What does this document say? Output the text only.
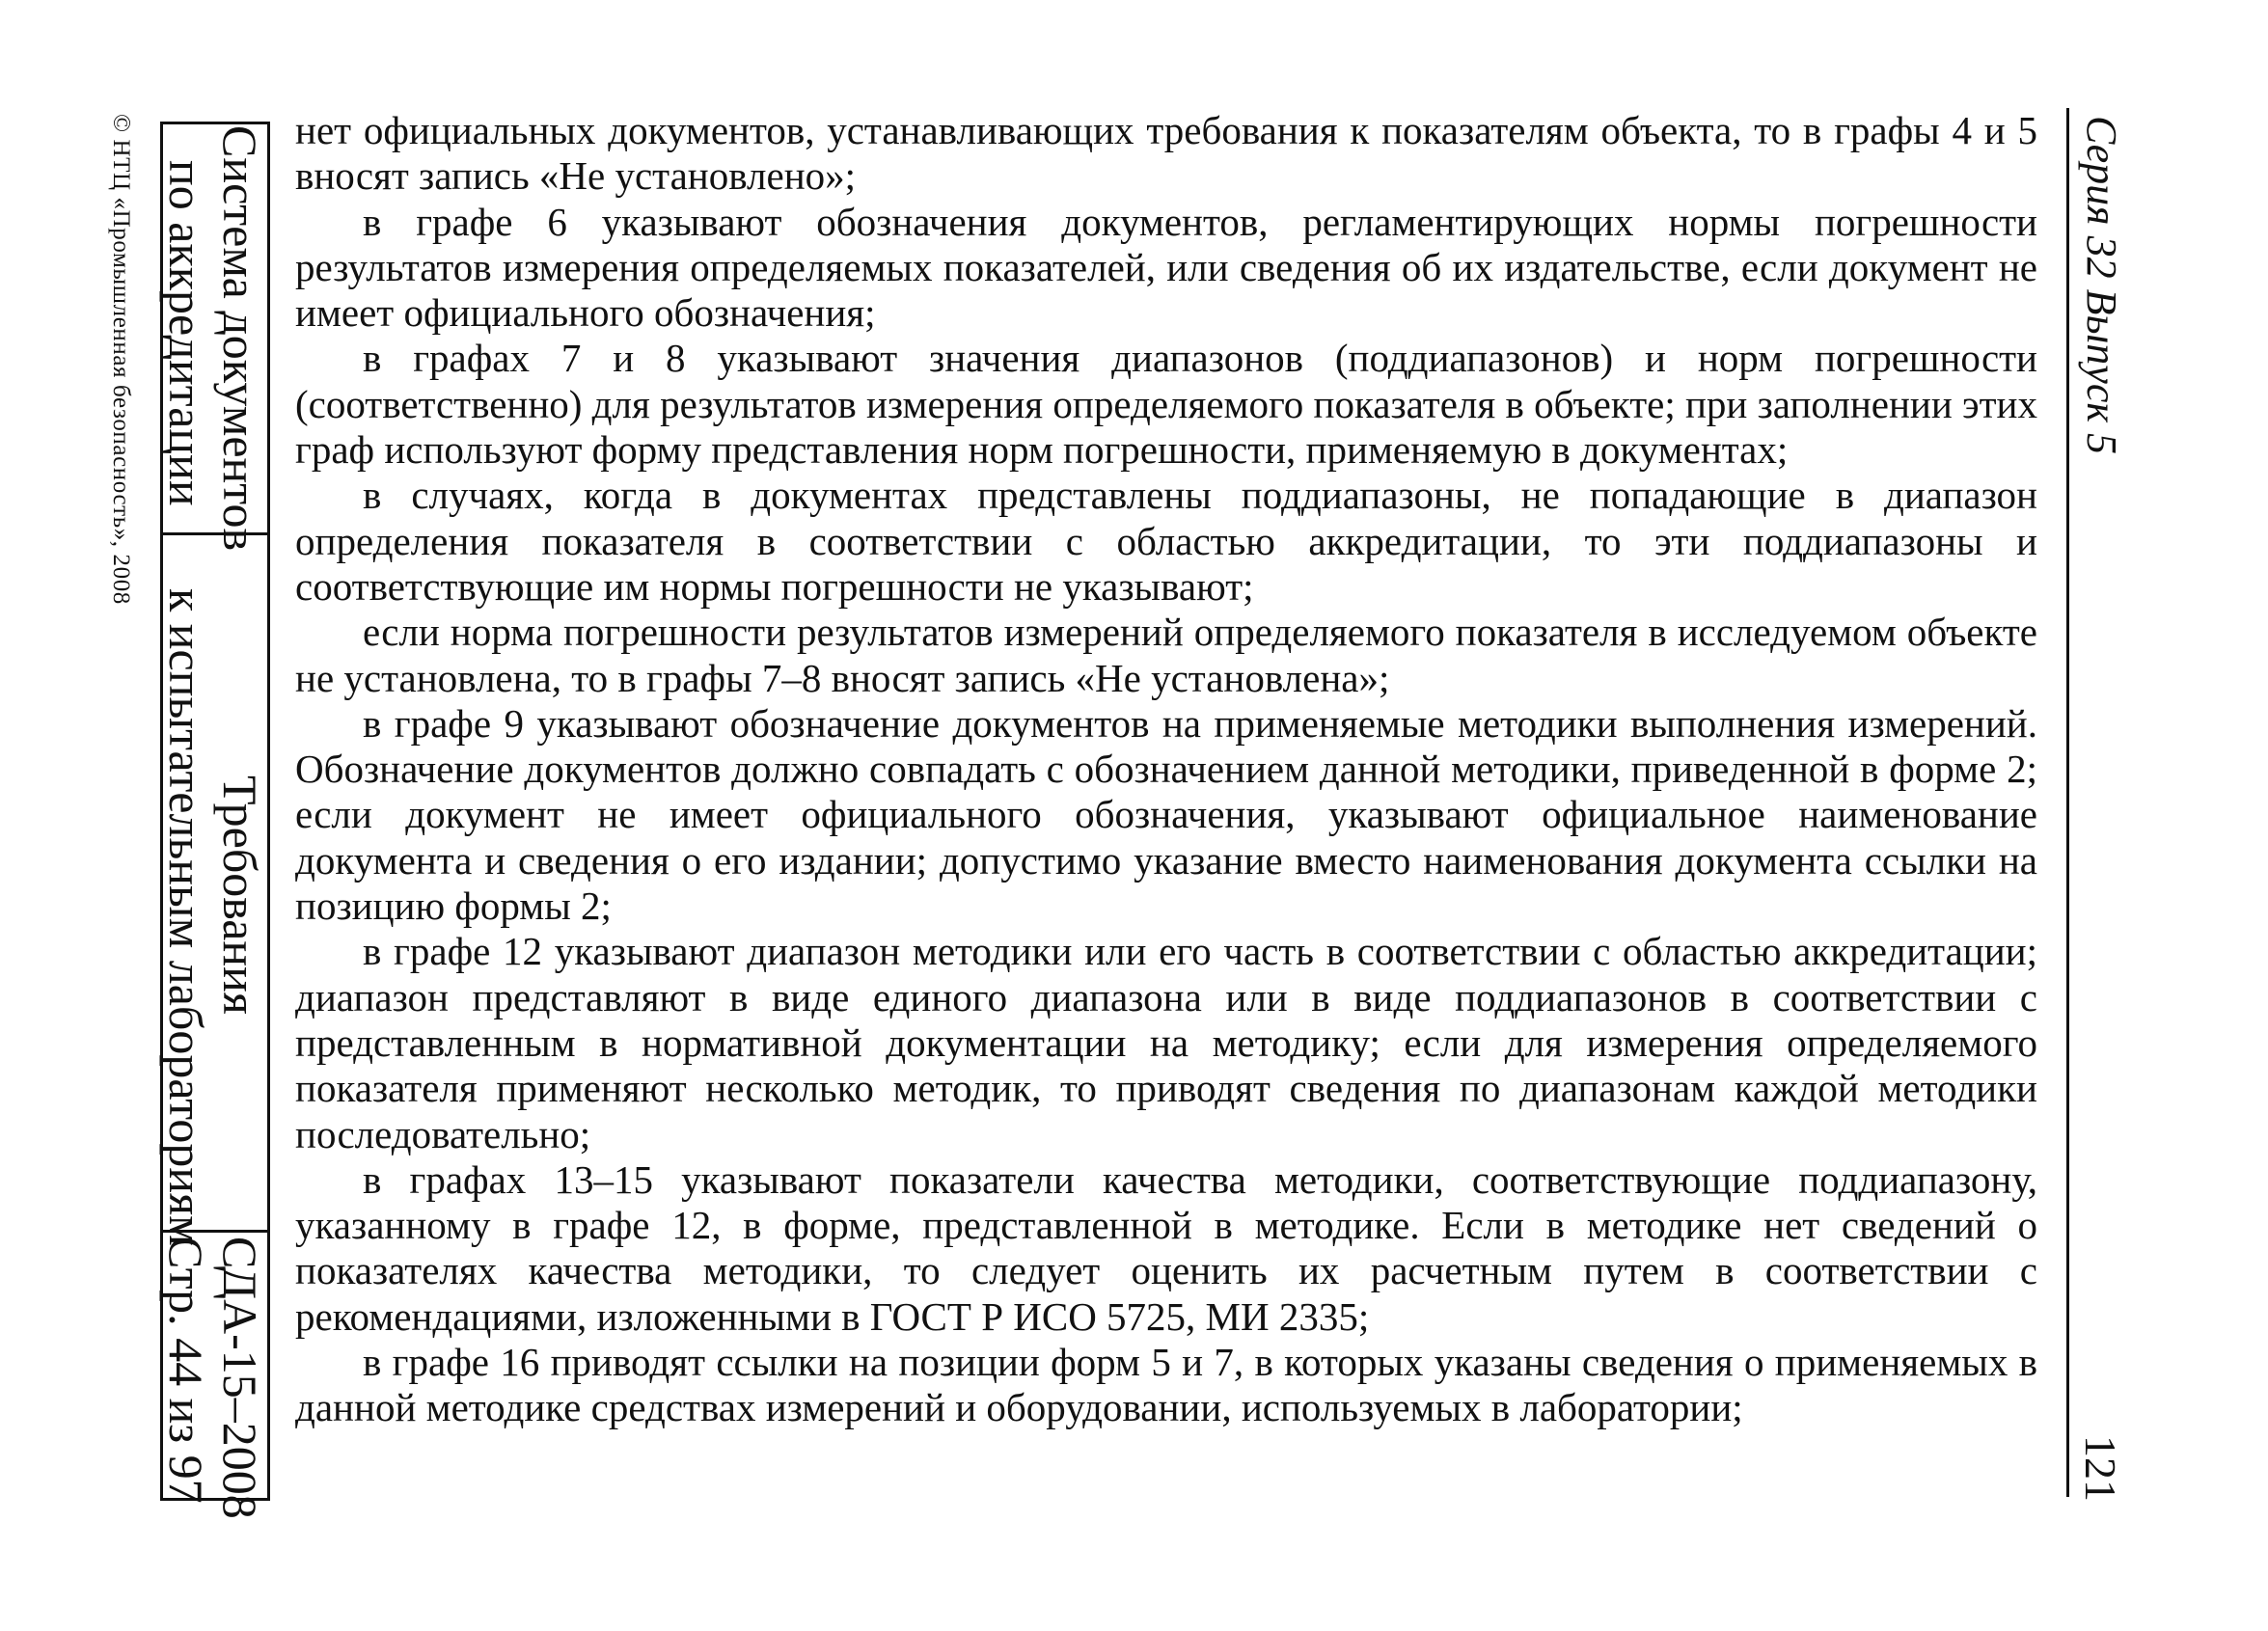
© НТЦ «Промышленная безопасность», 2008 Система документов
по аккредитации
Требования
к испытательным лабораториям
СДА-15–2008
Стр. 44 из 97

нет официальных документов, устанавливающих требования к показателям объекта, то в графы 4 и 5 вносят запись «Не установлено»;

в графе 6 указывают обозначения документов, регламентирующих нормы погрешности результатов измерения определяемых показателей, или сведения об их издательстве, если документ не имеет официального обозначения;

в графах 7 и 8 указывают значения диапазонов (поддиапазонов) и норм погрешности (соответственно) для результатов измерения определяемого показателя в объекте; при заполнении этих граф используют форму представления норм погрешности, применяемую в документах;

в случаях, когда в документах представлены поддиапазоны, не попадающие в диапазон определения показателя в соответствии с областью аккредитации, то эти поддиапазоны и соответствующие им нормы погрешности не указывают;

если норма погрешности результатов измерений определяемого показателя в исследуемом объекте не установлена, то в графы 7–8 вносят запись «Не установлена»;

в графе 9 указывают обозначение документов на применяемые методики выполнения измерений. Обозначение документов должно совпадать с обозначением данной методики, приведенной в форме 2; если документ не имеет официального обозначения, указывают официальное наименование документа и сведения о его издании; допустимо указание вместо наименования документа ссылки на позицию формы 2;

в графе 12 указывают диапазон методики или его часть в соответствии с областью аккредитации; диапазон представляют в виде единого диапазона или в виде поддиапазонов в соответствии с представленным в нормативной документации на методику; если для измерения определяемого показателя применяют несколько методик, то приводят сведения по диапазонам каждой методики последовательно;

в графах 13–15 указывают показатели качества методики, соответствующие поддиапазону, указанному в графе 12, в форме, представленной в методике. Если в методике нет сведений о показателях качества методики, то следует оценить их расчетным путем в соответствии с рекомендациями, изложенными в ГОСТ Р ИСО 5725, МИ 2335;

в графе 16 приводят ссылки на позиции форм 5 и 7, в которых указаны сведения о применяемых в данной методике средствах измерений и оборудовании, используемых в лаборатории;

Серия 32 Выпуск 5
121
